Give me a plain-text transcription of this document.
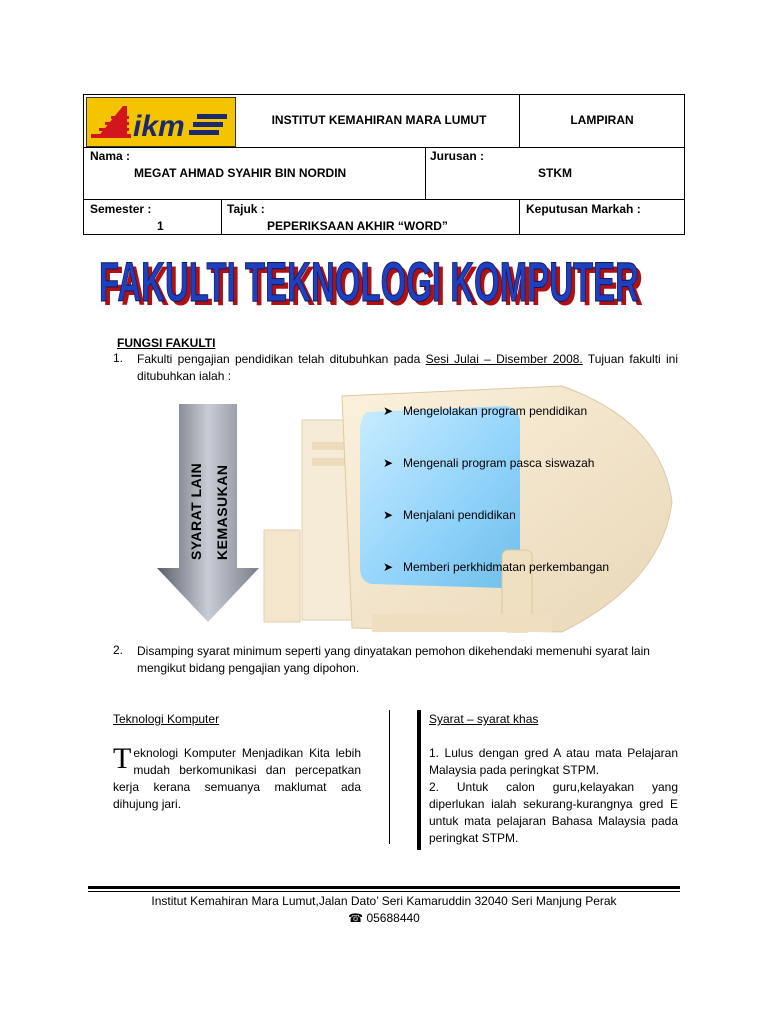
ikm	INSTITUT KEMAHIRAN MARA LUMUT	LAMPIRAN
Nama :
MEGAT AHMAD SYAHIR BIN NORDIN
Jurusan :
STKM
Semester :
1
Tajuk :
PEPERIKSAAN AKHIR “WORD”
Keputusan Markah :
FAKULTI TEKNOLOGI KOMPUTER
FAKULTI TEKNOLOGI KOMPUTER
FUNGSI FAKULTI
1. Fakulti pengajian pendidikan telah ditubuhkan pada Sesi Julai – Disember 2008. Tujuan fakulti ini ditubuhkan ialah :
SYARAT LAIN KEMASUKAN
➤ Mengelolakan program pendidikan
➤ Mengenali program pasca siswazah
➤ Menjalani pendidikan
➤ Memberi perkhidmatan perkembangan
2. Disamping syarat minimum seperti yang dinyatakan pemohon dikehendaki memenuhi syarat lain mengikut bidang pengajian yang dipohon.
Teknologi Komputer
Teknologi Komputer Menjadikan Kita lebih mudah berkomunikasi dan percepatkan kerja kerana semuanya maklumat ada dihujung jari.
Syarat – syarat khas
1. Lulus dengan gred A atau mata Pelajaran Malaysia pada peringkat STPM.
2. Untuk calon guru,kelayakan yang diperlukan ialah sekurang-kurangnya gred E untuk mata pelajaran Bahasa Malaysia pada peringkat STPM.
Institut Kemahiran Mara Lumut,Jalan Dato’ Seri Kamaruddin 32040 Seri Manjung Perak
☎ 05688440
